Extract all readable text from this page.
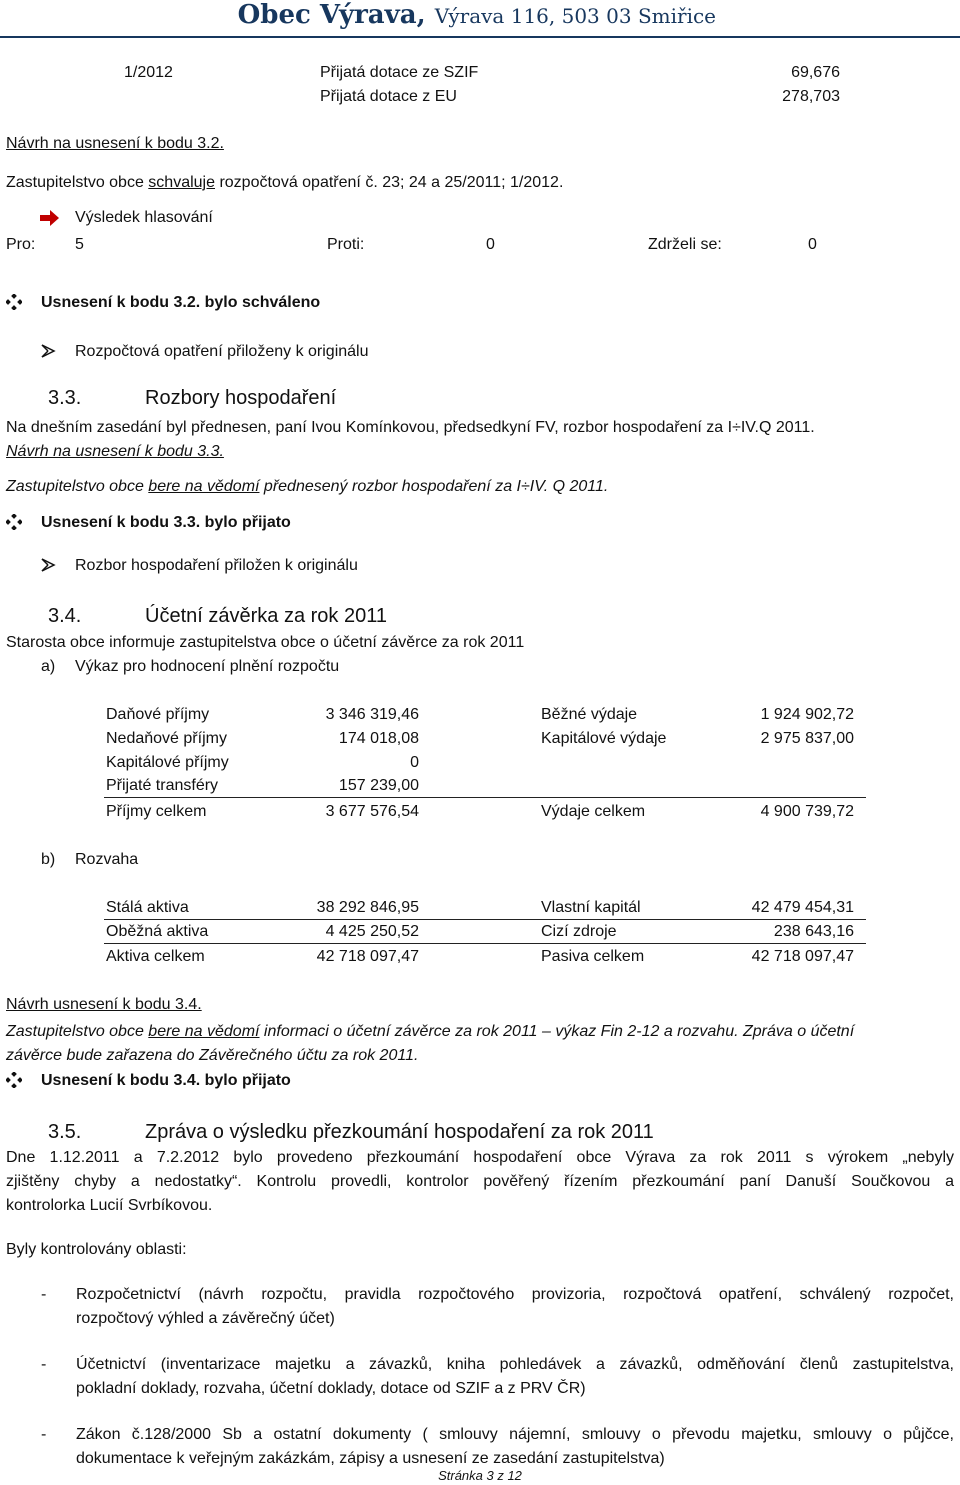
Obec Výrava, Výrava 116, 503 03 Smiřice
1/2012	Přijatá dotace ze SZIF	69,676
Přijatá dotace z EU	278,703
Návrh na usnesení k bodu 3.2.
Zastupitelstvo obce schvaluje rozpočtová opatření č. 23; 24 a 25/2011; 1/2012.
Výsledek hlasování
Pro: 5	Proti:	0	Zdrželi se:	0
Usnesení k bodu 3.2. bylo schváleno
Rozpočtová opatření přiloženy k originálu
3.3.	Rozbory hospodaření
Na dnešním zasedání byl přednesen, paní Ivou Komínkovou, předsedkyní FV, rozbor hospodaření za I÷IV.Q 2011.
Návrh na usnesení k bodu 3.3.
Zastupitelstvo obce bere na vědomí přednesený rozbor hospodaření za I÷IV. Q 2011.
Usnesení k bodu 3.3. bylo přijato
Rozbor hospodaření přiložen k originálu
3.4.	Účetní závěrka za rok 2011
Starosta obce informuje zastupitelstva obce o účetní závěrce za rok 2011
a) Výkaz pro hodnocení plnění rozpočtu
Daňové příjmy	3 346 319,46	Běžné výdaje	1 924 902,72
Nedaňové příjmy	174 018,08	Kapitálové výdaje	2 975 837,00
Kapitálové příjmy	0
Přijaté transféry	157 239,00
Příjmy celkem	3 677 576,54	Výdaje celkem	4 900 739,72
b) Rozvaha
Stálá aktiva	38 292 846,95	Vlastní kapitál	42 479 454,31
Oběžná aktiva	4 425 250,52	Cizí zdroje	238 643,16
Aktiva celkem	42 718 097,47	Pasiva celkem	42 718 097,47
Návrh usnesení k bodu 3.4.
Zastupitelstvo obce bere na vědomí informaci o účetní závěrce za rok 2011 – výkaz Fin 2-12 a rozvahu. Zpráva o účetní
závěrce bude zařazena do Závěrečného účtu za rok 2011.
Usnesení k bodu 3.4. bylo přijato
3.5.	Zpráva o výsledku přezkoumání hospodaření za rok 2011
Dne 1.12.2011 a 7.2.2012 bylo provedeno přezkoumání hospodaření obce Výrava za rok 2011 s výrokem „nebyly
zjištěny chyby a nedostatky“. Kontrolu provedli, kontrolor pověřený řízením přezkoumání paní Danuší Součkovou a
kontrolorka Lucií Svrbíkovou.
Byly kontrolovány oblasti:
- Rozpočetnictví (návrh rozpočtu, pravidla rozpočtového provizoria, rozpočtová opatření, schválený rozpočet,
rozpočtový výhled a závěrečný účet)
- Účetnictví (inventarizace majetku a závazků, kniha pohledávek a závazků, odměňování členů zastupitelstva,
pokladní doklady, rozvaha, účetní doklady, dotace od SZIF a z PRV ČR)
- Zákon č.128/2000 Sb a ostatní dokumenty ( smlouvy nájemní, smlouvy o převodu majetku, smlouvy o půjčce,
dokumentace k veřejným zakázkám, zápisy a usnesení ze zasedání zastupitelstva)
Stránka 3 z 12
